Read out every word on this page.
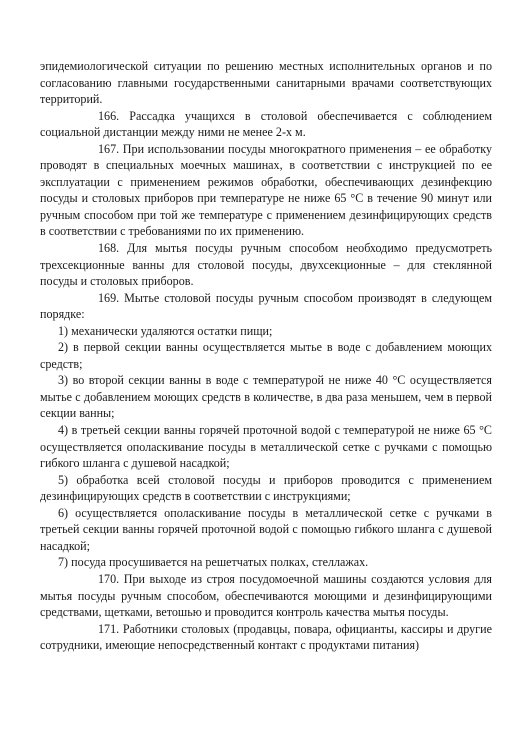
эпидемиологической ситуации по решению местных исполнительных органов и по согласованию главными государственными санитарными врачами соответствующих территорий.

166. Рассадка учащихся в столовой обеспечивается с соблюдением социальной дистанции между ними не менее 2-х м.

167. При использовании посуды многократного применения – ее обработку проводят в специальных моечных машинах, в соответствии с инструкцией по ее эксплуатации с применением режимов обработки, обеспечивающих дезинфекцию посуды и столовых приборов при температуре не ниже 65 °С в течение 90 минут или ручным способом при той же температуре с применением дезинфицирующих средств в соответствии с требованиями по их применению.

168. Для мытья посуды ручным способом необходимо предусмотреть трехсекционные ванны для столовой посуды, двухсекционные – для стеклянной посуды и столовых приборов.

169. Мытье столовой посуды ручным способом производят в следующем порядке:

1) механически удаляются остатки пищи;

2) в первой секции ванны осуществляется мытье в воде с добавлением моющих средств;

3) во второй секции ванны в воде с температурой не ниже 40 °С осуществляется мытье с добавлением моющих средств в количестве, в два раза меньшем, чем в первой секции ванны;

4) в третьей секции ванны горячей проточной водой с температурой не ниже 65 °С осуществляется ополаскивание посуды в металлической сетке с ручками с помощью гибкого шланга с душевой насадкой;

5) обработка всей столовой посуды и приборов проводится с применением дезинфицирующих средств в соответствии с инструкциями;

6) осуществляется ополаскивание посуды в металлической сетке с ручками в третьей секции ванны горячей проточной водой с помощью гибкого шланга с душевой насадкой;

7) посуда просушивается на решетчатых полках, стеллажах.

170. При выходе из строя посудомоечной машины создаются условия для мытья посуды ручным способом, обеспечиваются моющими и дезинфицирующими средствами, щетками, ветошью и проводится контроль качества мытья посуды.

171. Работники столовых (продавцы, повара, официанты, кассиры и другие сотрудники, имеющие непосредственный контакт с продуктами питания)
